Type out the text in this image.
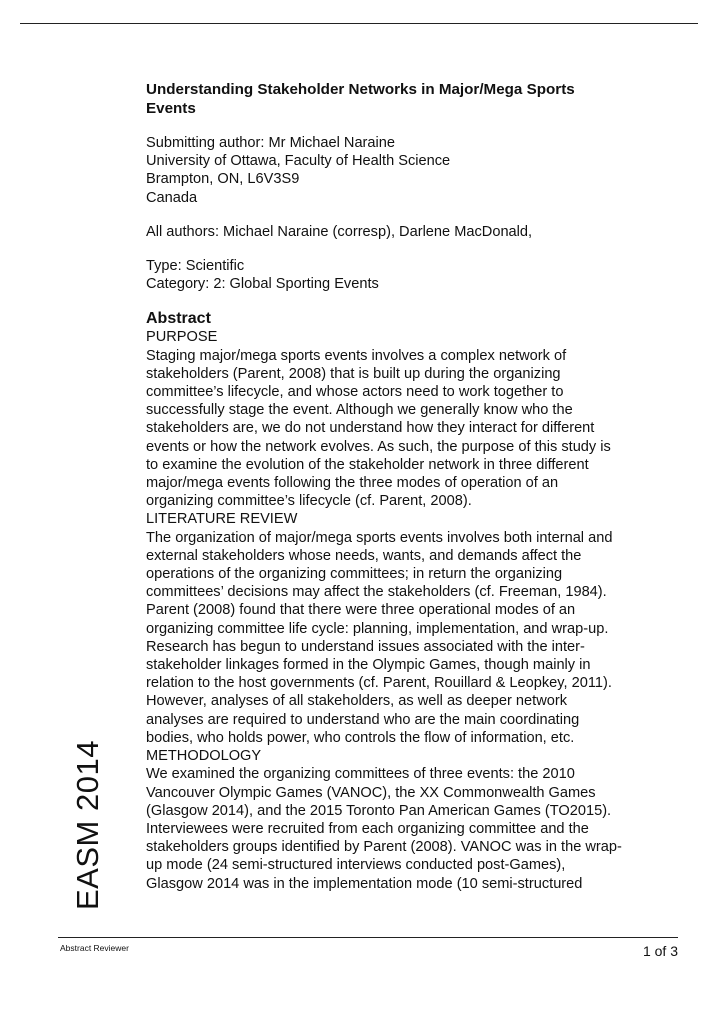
Understanding Stakeholder Networks in Major/Mega Sports
Events
Submitting author: Mr Michael Naraine
University of Ottawa, Faculty of Health Science
Brampton, ON, L6V3S9
Canada
All authors: Michael Naraine (corresp), Darlene MacDonald,
Type: Scientific
Category: 2: Global Sporting Events
Abstract
PURPOSE
Staging major/mega sports events involves a complex network of
stakeholders (Parent, 2008) that is built up during the organizing
committee’s lifecycle, and whose actors need to work together to
successfully stage the event. Although we generally know who the
stakeholders are, we do not understand how they interact for different
events or how the network evolves. As such, the purpose of this study is
to examine the evolution of the stakeholder network in three different
major/mega events following the three modes of operation of an
organizing committee’s lifecycle (cf. Parent, 2008).
LITERATURE REVIEW
The organization of major/mega sports events involves both internal and
external stakeholders whose needs, wants, and demands affect the
operations of the organizing committees; in return the organizing
committees’ decisions may affect the stakeholders (cf. Freeman, 1984).
Parent (2008) found that there were three operational modes of an
organizing committee life cycle: planning, implementation, and wrap-up.
Research has begun to understand issues associated with the inter-
stakeholder linkages formed in the Olympic Games, though mainly in
relation to the host governments (cf. Parent, Rouillard & Leopkey, 2011).
However, analyses of all stakeholders, as well as deeper network
analyses are required to understand who are the main coordinating
bodies, who holds power, who controls the flow of information, etc.
METHODOLOGY
We examined the organizing committees of three events: the 2010
Vancouver Olympic Games (VANOC), the XX Commonwealth Games
(Glasgow 2014), and the 2015 Toronto Pan American Games (TO2015).
Interviewees were recruited from each organizing committee and the
stakeholders groups identified by Parent (2008). VANOC was in the wrap-
up mode (24 semi-structured interviews conducted post-Games),
Glasgow 2014 was in the implementation mode (10 semi-structured
EASM 2014
Abstract Reviewer	1 of 3
